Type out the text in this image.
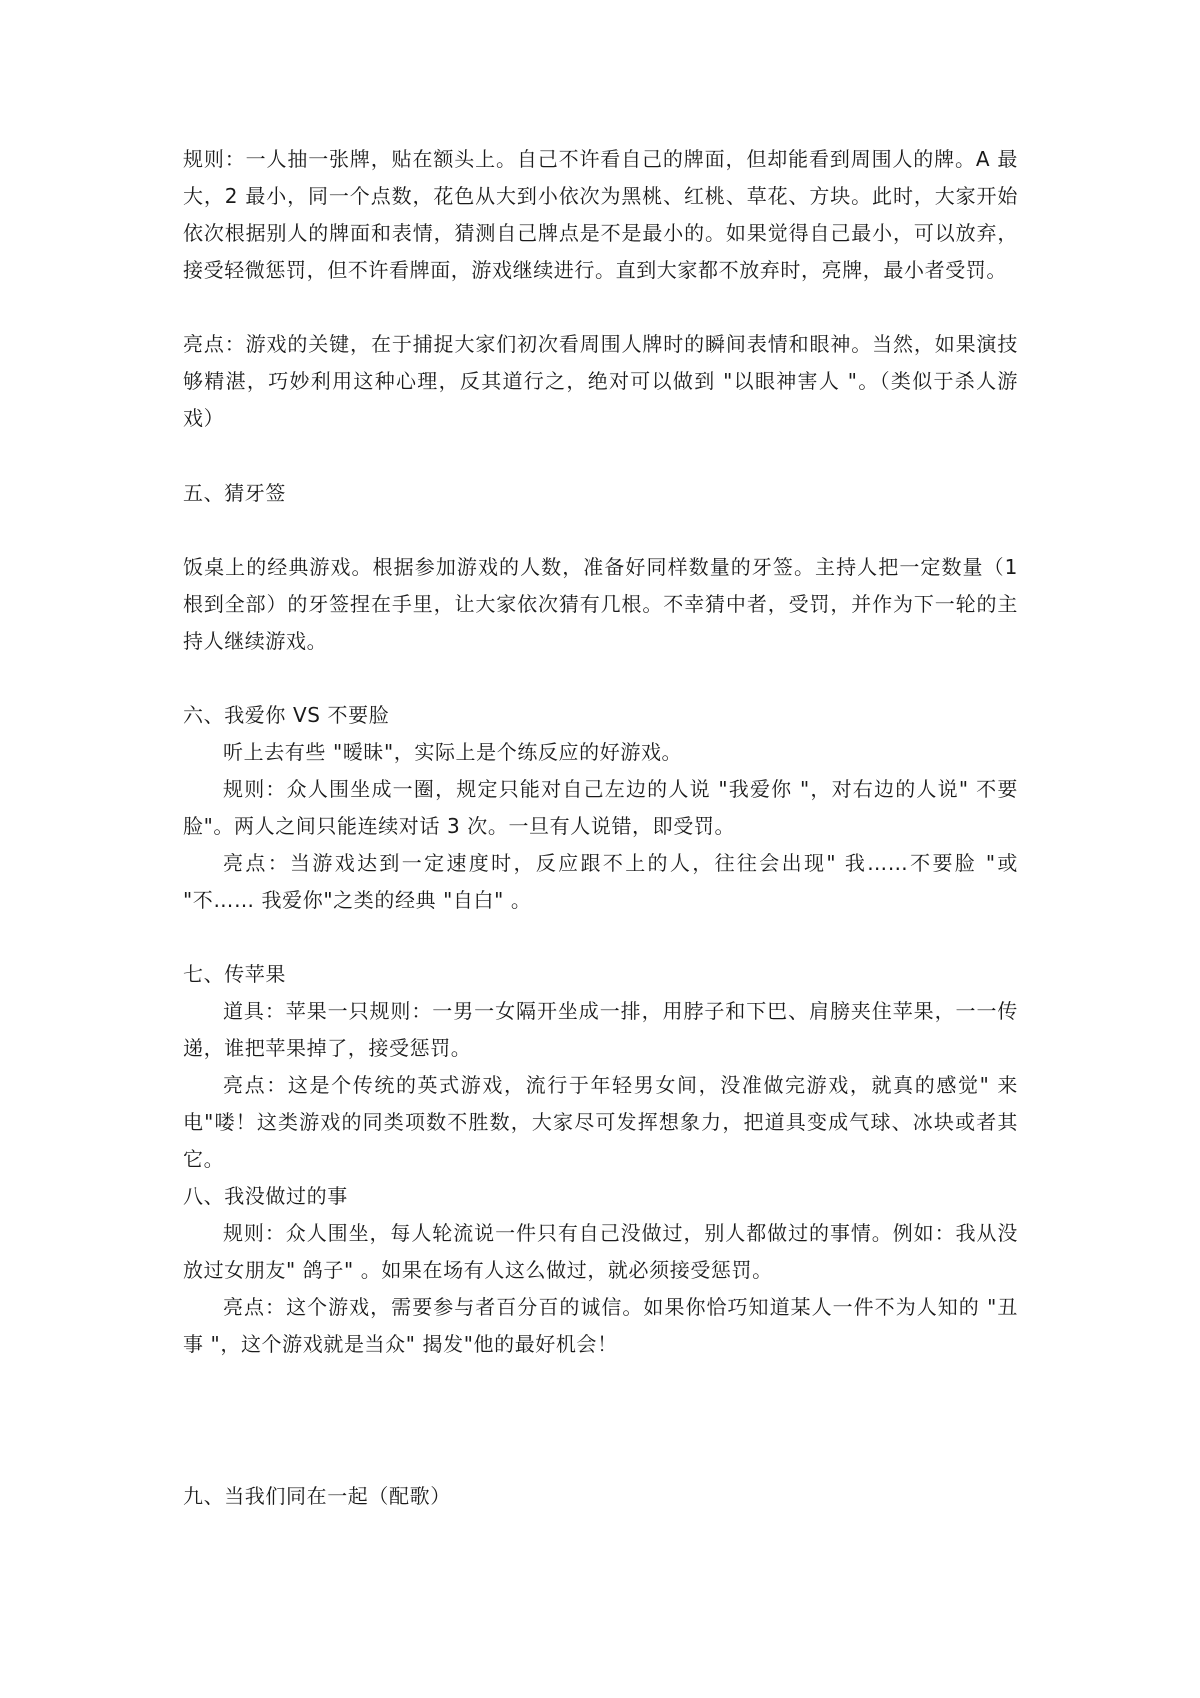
规则：一人抽一张牌，贴在额头上。自己不许看自己的牌面，但却能看到周围人的牌。A 最大，2 最小，同一个点数，花色从大到小依次为黑桃、红桃、草花、方块。此时，大家开始依次根据别人的牌面和表情，猜测自己牌点是不是最小的。如果觉得自己最小，可以放弃，接受轻微惩罚，但不许看牌面，游戏继续进行。直到大家都不放弃时，亮牌，最小者受罚。

亮点：游戏的关键，在于捕捉大家们初次看周围人牌时的瞬间表情和眼神。当然，如果演技够精湛，巧妙利用这种心理，反其道行之，绝对可以做到 "以眼神害人 "。（类似于杀人游戏）

五、猜牙签

饭桌上的经典游戏。根据参加游戏的人数，准备好同样数量的牙签。主持人把一定数量（1 根到全部）的牙签捏在手里，让大家依次猜有几根。不幸猜中者，受罚，并作为下一轮的主持人继续游戏。

六、我爱你 VS 不要脸

听上去有些 "暧昧"，实际上是个练反应的好游戏。

规则：众人围坐成一圈，规定只能对自己左边的人说 "我爱你 "，对右边的人说" 不要脸"。两人之间只能连续对话 3 次。一旦有人说错，即受罚。

亮点：当游戏达到一定速度时，反应跟不上的人，往往会出现" 我……不要脸 "或 "不…… 我爱你"之类的经典 "自白" 。

七、传苹果

道具：苹果一只规则：一男一女隔开坐成一排，用脖子和下巴、肩膀夹住苹果，一一传递，谁把苹果掉了，接受惩罚。

亮点：这是个传统的英式游戏，流行于年轻男女间，没准做完游戏，就真的感觉" 来电"喽！这类游戏的同类项数不胜数，大家尽可发挥想象力，把道具变成气球、冰块或者其它。

八、我没做过的事

规则：众人围坐，每人轮流说一件只有自己没做过，别人都做过的事情。例如：我从没放过女朋友" 鸽子" 。如果在场有人这么做过，就必须接受惩罚。

亮点：这个游戏，需要参与者百分百的诚信。如果你恰巧知道某人一件不为人知的 "丑事 "，这个游戏就是当众" 揭发"他的最好机会！

九、当我们同在一起（配歌）
